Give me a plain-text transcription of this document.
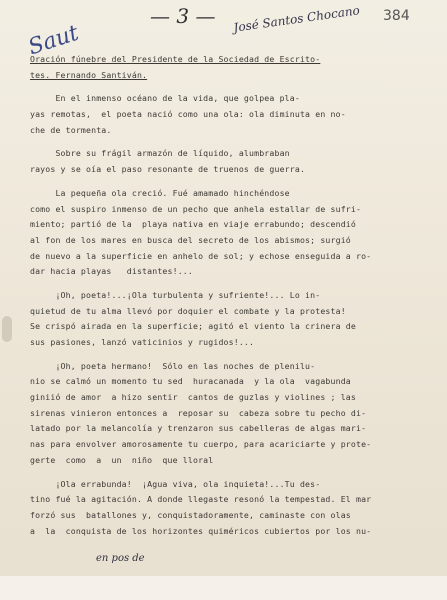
Saut
— 3 — José Santos Chocano 384
en pos de
Oración fúnebre del Presidente de la Sociedad de Escrito-
tes. Fernando Santiván.
En el inmenso océano de la vida, que golpea pla-
yas remotas,  el poeta nació como una ola: ola diminuta en no-
che de tormenta.
Sobre su frágil armazón de líquido, alumbraban
rayos y se oía el paso resonante de truenos de guerra.
La pequeña ola creció. Fué amamado hinchéndose
como el suspiro inmenso de un pecho que anhela estallar de sufri-
miento; partió de la  playa nativa en viaje errabundo; descendió
al fon de los mares en busca del secreto de los abismos; surgió
de nuevo a la superficie en anhelo de sol; y echose enseguida a ro-
dar hacia playas   distantes!...
¡Oh, poeta!...¡Ola turbulenta y sufriente!... Lo in-
quietud de tu alma llevó por doquier el combate y la protesta!
Se crispó airada en la superficie; agitó el viento la crinera de
sus pasiones, lanzó vaticinios y rugidos!...
¡Oh, poeta hermano!  Sólo en las noches de plenilu-
nio se calmó un momento tu sed  huracanada  y la ola  vagabunda
giniió de amor  a hizo sentir  cantos de guzlas y violines ; las
sirenas vinieron entonces a  reposar su  cabeza sobre tu pecho di-
latado por la melancolía y trenzaron sus cabelleras de algas mari-
nas para envolver amorosamente tu cuerpo, para acariciarte y prote-
gerte  como  a  un  niño  que lloral
¡Ola errabunda!  ¡Agua viva, ola inquieta!...Tu des-
tino fué la agitación. A donde llegaste resonó la tempestad. El mar
forzó sus  batallones y, conquistadoramente, caminaste con olas
a  la  conquista de los horizontes quiméricos cubiertos por los nu-
